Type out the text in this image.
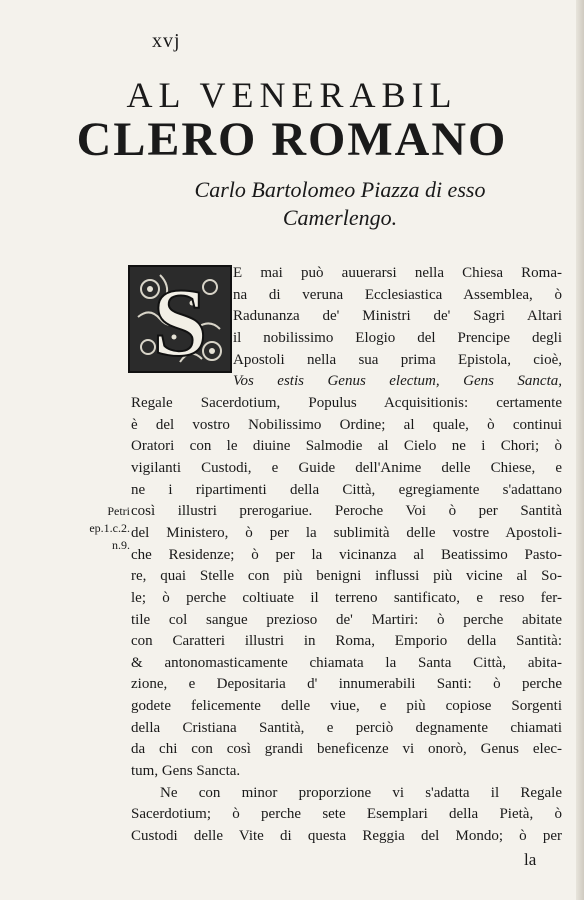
xvj
AL VENERABIL
CLERO ROMANO
Carlo Bartolomeo Piazza di esso
Camerlengo.
S
Petri
ep.1.c.2.
n.9.
E mai può auuerarsi nella Chiesa Roma-
na di veruna Ecclesiastica Assemblea, ò
Radunanza de' Ministri de' Sagri Altari
il nobilissimo Elogio del Prencipe degli
Apostoli nella sua prima Epistola, cioè,
Vos estis Genus electum, Gens Sancta,
Regale Sacerdotium, Populus Acquisitionis: certamente
è del vostro Nobilissimo Ordine; al quale, ò continui
Oratori con le diuine Salmodie al Cielo ne i Chori; ò
vigilanti Custodi, e Guide dell'Anime delle Chiese, e
ne i ripartimenti della Città, egregiamente s'adattano
così illustri prerogariue. Peroche Voi ò per Santità
del Ministero, ò per la sublimità delle vostre Apostoli-
che Residenze; ò per la vicinanza al Beatissimo Pasto-
re, quai Stelle con più benigni influssi più vicine al So-
le; ò perche coltiuate il terreno santificato, e reso fer-
tile col sangue prezioso de' Martiri: ò perche abitate
con Caratteri illustri in Roma, Emporio della Santità:
& antonomasticamente chiamata la Santa Città, abita-
zione, e Depositaria d' innumerabili Santi: ò perche
godete felicemente delle viue, e più copiose Sorgenti
della Cristiana Santità, e perciò degnamente chiamati
da chi con così grandi beneficenze vi onorò, Genus elec-
tum, Gens Sancta.
Ne con minor proporzione vi s'adatta il Regale
Sacerdotium; ò perche sete Esemplari della Pietà, ò
Custodi delle Vite di questa Reggia del Mondo; ò per
la
